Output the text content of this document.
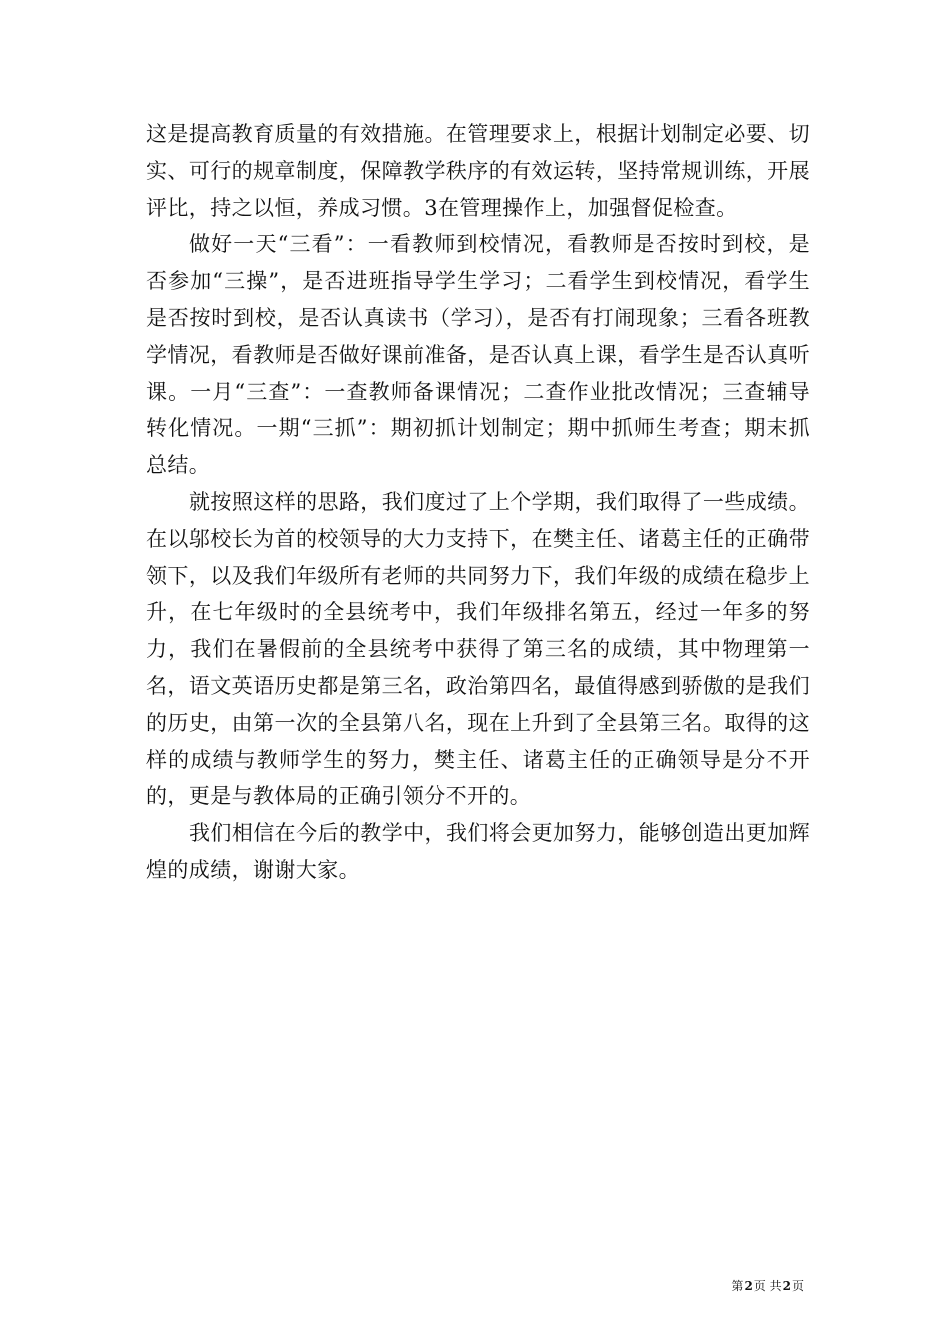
这是提高教育质量的有效措施。在管理要求上，根据计划制定必要、切实、可行的规章制度，保障教学秩序的有效运转，坚持常规训练，开展评比，持之以恒，养成习惯。3在管理操作上，加强督促检查。

做好一天“三看”：一看教师到校情况，看教师是否按时到校，是否参加“三操”，是否进班指导学生学习；二看学生到校情况，看学生是否按时到校，是否认真读书（学习），是否有打闹现象；三看各班教学情况，看教师是否做好课前准备，是否认真上课，看学生是否认真听课。一月“三查”：一查教师备课情况；二查作业批改情况；三查辅导转化情况。一期“三抓”：期初抓计划制定；期中抓师生考查；期末抓总结。

就按照这样的思路，我们度过了上个学期，我们取得了一些成绩。在以邬校长为首的校领导的大力支持下，在樊主任、诸葛主任的正确带领下，以及我们年级所有老师的共同努力下，我们年级的成绩在稳步上升，在七年级时的全县统考中，我们年级排名第五，经过一年多的努力，我们在暑假前的全县统考中获得了第三名的成绩，其中物理第一名，语文英语历史都是第三名，政治第四名，最值得感到骄傲的是我们的历史，由第一次的全县第八名，现在上升到了全县第三名。取得的这样的成绩与教师学生的努力，樊主任、诸葛主任的正确领导是分不开的，更是与教体局的正确引领分不开的。

我们相信在今后的教学中，我们将会更加努力，能够创造出更加辉煌的成绩，谢谢大家。

第2页 共2页
